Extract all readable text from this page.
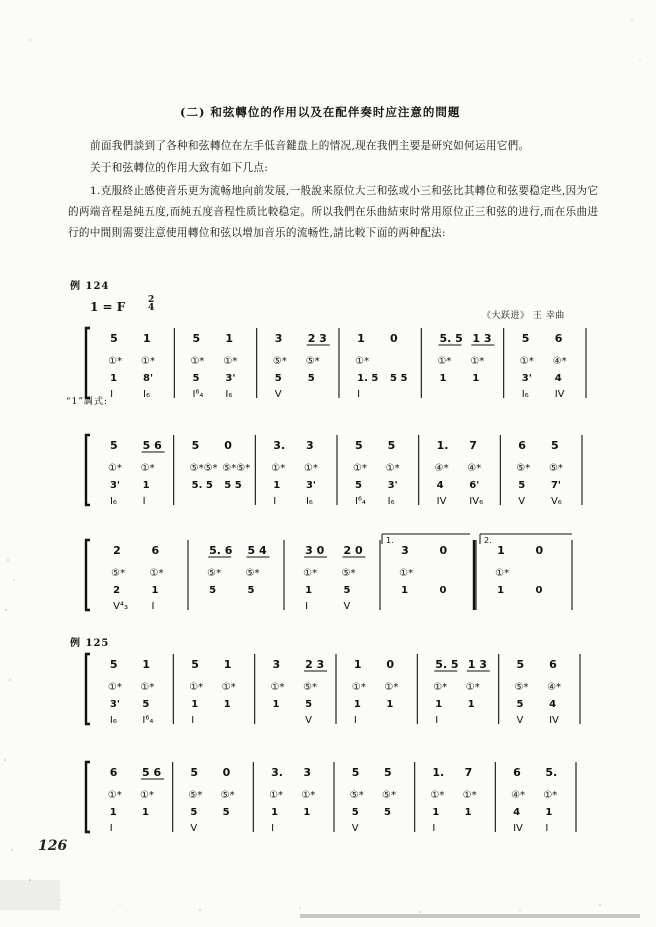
(二) 和弦轉位的作用以及在配伴奏时应注意的問題
前面我們談到了各种和弦轉位在左手低音鍵盘上的情况,现在我們主要是研究如何运用它們。
关于和弦轉位的作用大致有如下几点:
1.克服終止感使音乐更为流畅地向前发展,一般說来原位大三和弦或小三和弦比其轉位和弦要稳定些,因为它的两端音程是純五度,而純五度音程性质比較稳定。所以我們在乐曲結束时常用原位正三和弦的进行,而在乐曲进行的中間則需要注意使用轉位和弦以增加音乐的流畅性,請比較下面的两种配法:
例 124
1 = F	2
4
《大跃进》 王 幸曲
“1”調式:
例 125
5
①*
1
I
1
①*
8'
I₆
5
①*
5
I⁶₄
1
①*
3'
I₆
3
⑤*
5
V
2 3
⑤*
5
1
①*
1. 5
I
0
5 5
5. 5
①*
1
1 3
①*
1
5
①*
3'
I₆
6
④*
4
IV
5
①*
3'
I₆
5 6
①*
1
I
5
⑤*⑤*
5. 5
0
⑤*⑤*
5 5
3.
①*
1
I
3
①*
3'
I₆
5
①*
5
I⁶₄
5
①*
3'
I₆
1.
④*
4
IV
7
④*
6'
IV₆
6
⑤*
5
V
5
⑤*
7'
V₆
2
⑤*
2
V⁴₃
6
①*
1
I
5. 6
⑤*
5
5 4
⑤*
5
3 0
①*
1
I
2 0
⑤*
5
V
3
①*
1
0
0
1
①*
1
0
0
1.	2.
5
①*
3'
I₆
1
①*
5
I⁶₄
5
①*
1
I
1
①*
1
3
①*
1
2 3
⑤*
5
V
1
①*
1
I
0
①*
1
5. 5
①*
1
I
1 3
①*
1
5
⑤*
5
V
6
④*
4
IV
6
①*
1
I
5 6
①*
1
5
⑤*
5
V
0
⑤*
5
3.
①*
1
I
3
①*
1
5
⑤*
5
V
5
⑤*
5
1.
①*
1
I
7
①*
1
6
④*
4
IV
5.
①*
1
I
126
